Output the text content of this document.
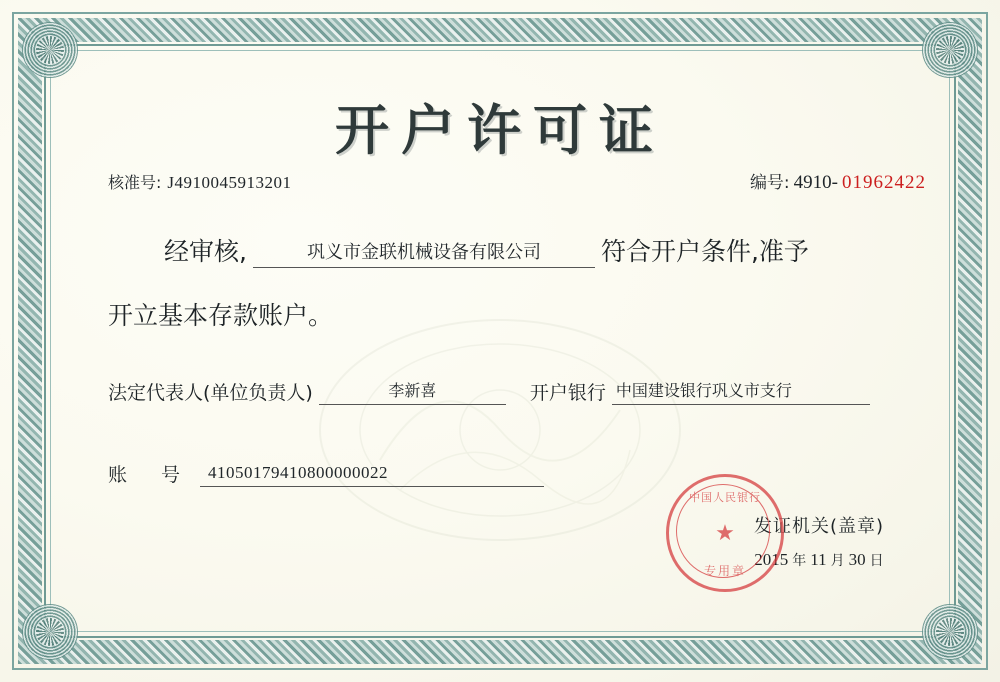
开户许可证
核准号: J4910045913201	编号: 4910- 01962422
经审核,	巩义市金联机械设备有限公司	符合开户条件,准予
开立基本存款账户。
法定代表人(单位负责人)	李新喜	开户银行 中国建设银行巩义市支行
账 号 41050179410800000022
发证机关(盖章)
2015 年 11 月 30 日
中国人民银行
★
专用章
